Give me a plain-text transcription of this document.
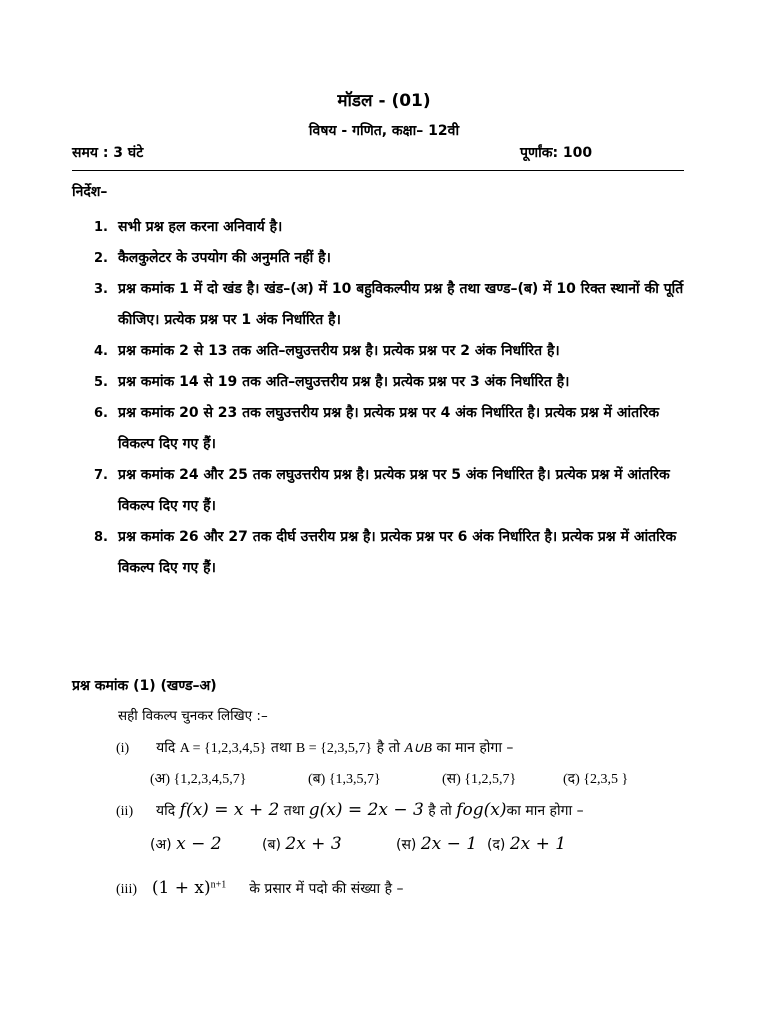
मॉडल - (01)
विषय - गणित, कक्षा– 12वी
समय : 3 घंटे	पूर्णांक: 100
निर्देश–
1. सभी प्रश्न हल करना अनिवार्य है।
2. कैलकुलेटर के उपयोग की अनुमति नहीं है।
3. प्रश्न कमांक 1 में दो खंड है। खंड–(अ) में 10 बहुविकल्पीय प्रश्न है तथा खण्ड–(ब) में 10 रिक्त स्थानों की पूर्ति कीजिए। प्रत्येक प्रश्न पर 1 अंक निर्धारित है।
4. प्रश्न कमांक 2 से 13 तक अति–लघुउत्तरीय प्रश्न है। प्रत्येक प्रश्न पर 2 अंक निर्धारित है।
5. प्रश्न कमांक 14 से 19 तक अति–लघुउत्तरीय प्रश्न है। प्रत्येक प्रश्न पर 3 अंक निर्धारित है।
6. प्रश्न कमांक 20 से 23 तक लघुउत्तरीय प्रश्न है। प्रत्येक प्रश्न पर 4 अंक निर्धारित है। प्रत्येक प्रश्न में आंतरिक विकल्प दिए गए हैं।
7. प्रश्न कमांक 24 और 25 तक लघुउत्तरीय प्रश्न है। प्रत्येक प्रश्न पर 5 अंक निर्धारित है। प्रत्येक प्रश्न में आंतरिक विकल्प दिए गए हैं।
8. प्रश्न कमांक 26 और 27 तक दीर्घ उत्तरीय प्रश्न है। प्रत्येक प्रश्न पर 6 अंक निर्धारित है। प्रत्येक प्रश्न में आंतरिक विकल्प दिए गए हैं।
प्रश्न कमांक (1) (खण्ड–अ)
सही विकल्प चुनकर लिखिए :–
(i) यदि A = {1,2,3,4,5} तथा B = {2,3,5,7} है तो A∪B का मान होगा –
(अ) {1,2,3,4,5,7}	(ब) {1,3,5,7}	(स) {1,2,5,7}	(द) {2,3,5 }
(ii) यदि f(x) = x + 2 तथा g(x) = 2x − 3 है तो fog(x)का मान होगा –
(अ) x − 2	(ब) 2x + 3	(स) 2x − 1 (द) 2x + 1
(iii) $(1 + x)^{n+1}$ के प्रसार में पदो की संख्या है –
